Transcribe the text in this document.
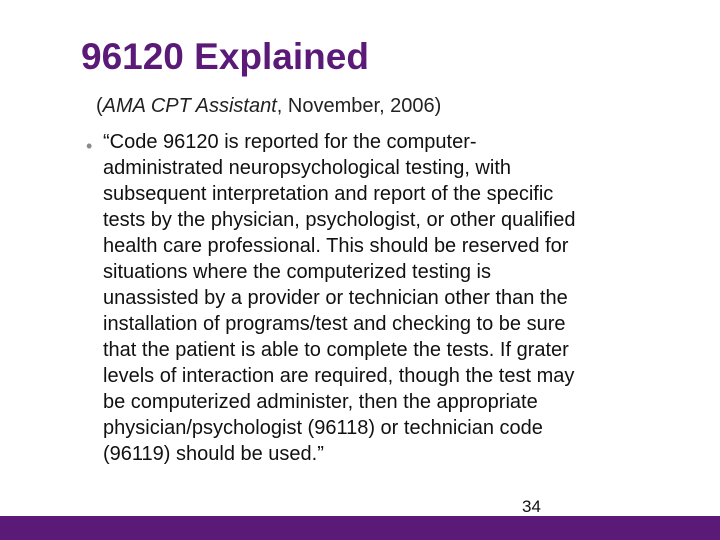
96120 Explained
(AMA CPT Assistant, November, 2006)
• “Code 96120 is reported for the computer-
administrated neuropsychological testing, with
subsequent interpretation and report of the specific
tests by the physician, psychologist, or other qualified
health care professional. This should be reserved for
situations where the computerized testing is
unassisted by a provider or technician other than the
installation of programs/test and checking to be sure
that the patient is able to complete the tests. If grater
levels of interaction are required, though the test may
be computerized administer, then the appropriate
physician/psychologist (96118) or technician code
(96119) should be used.”
34
